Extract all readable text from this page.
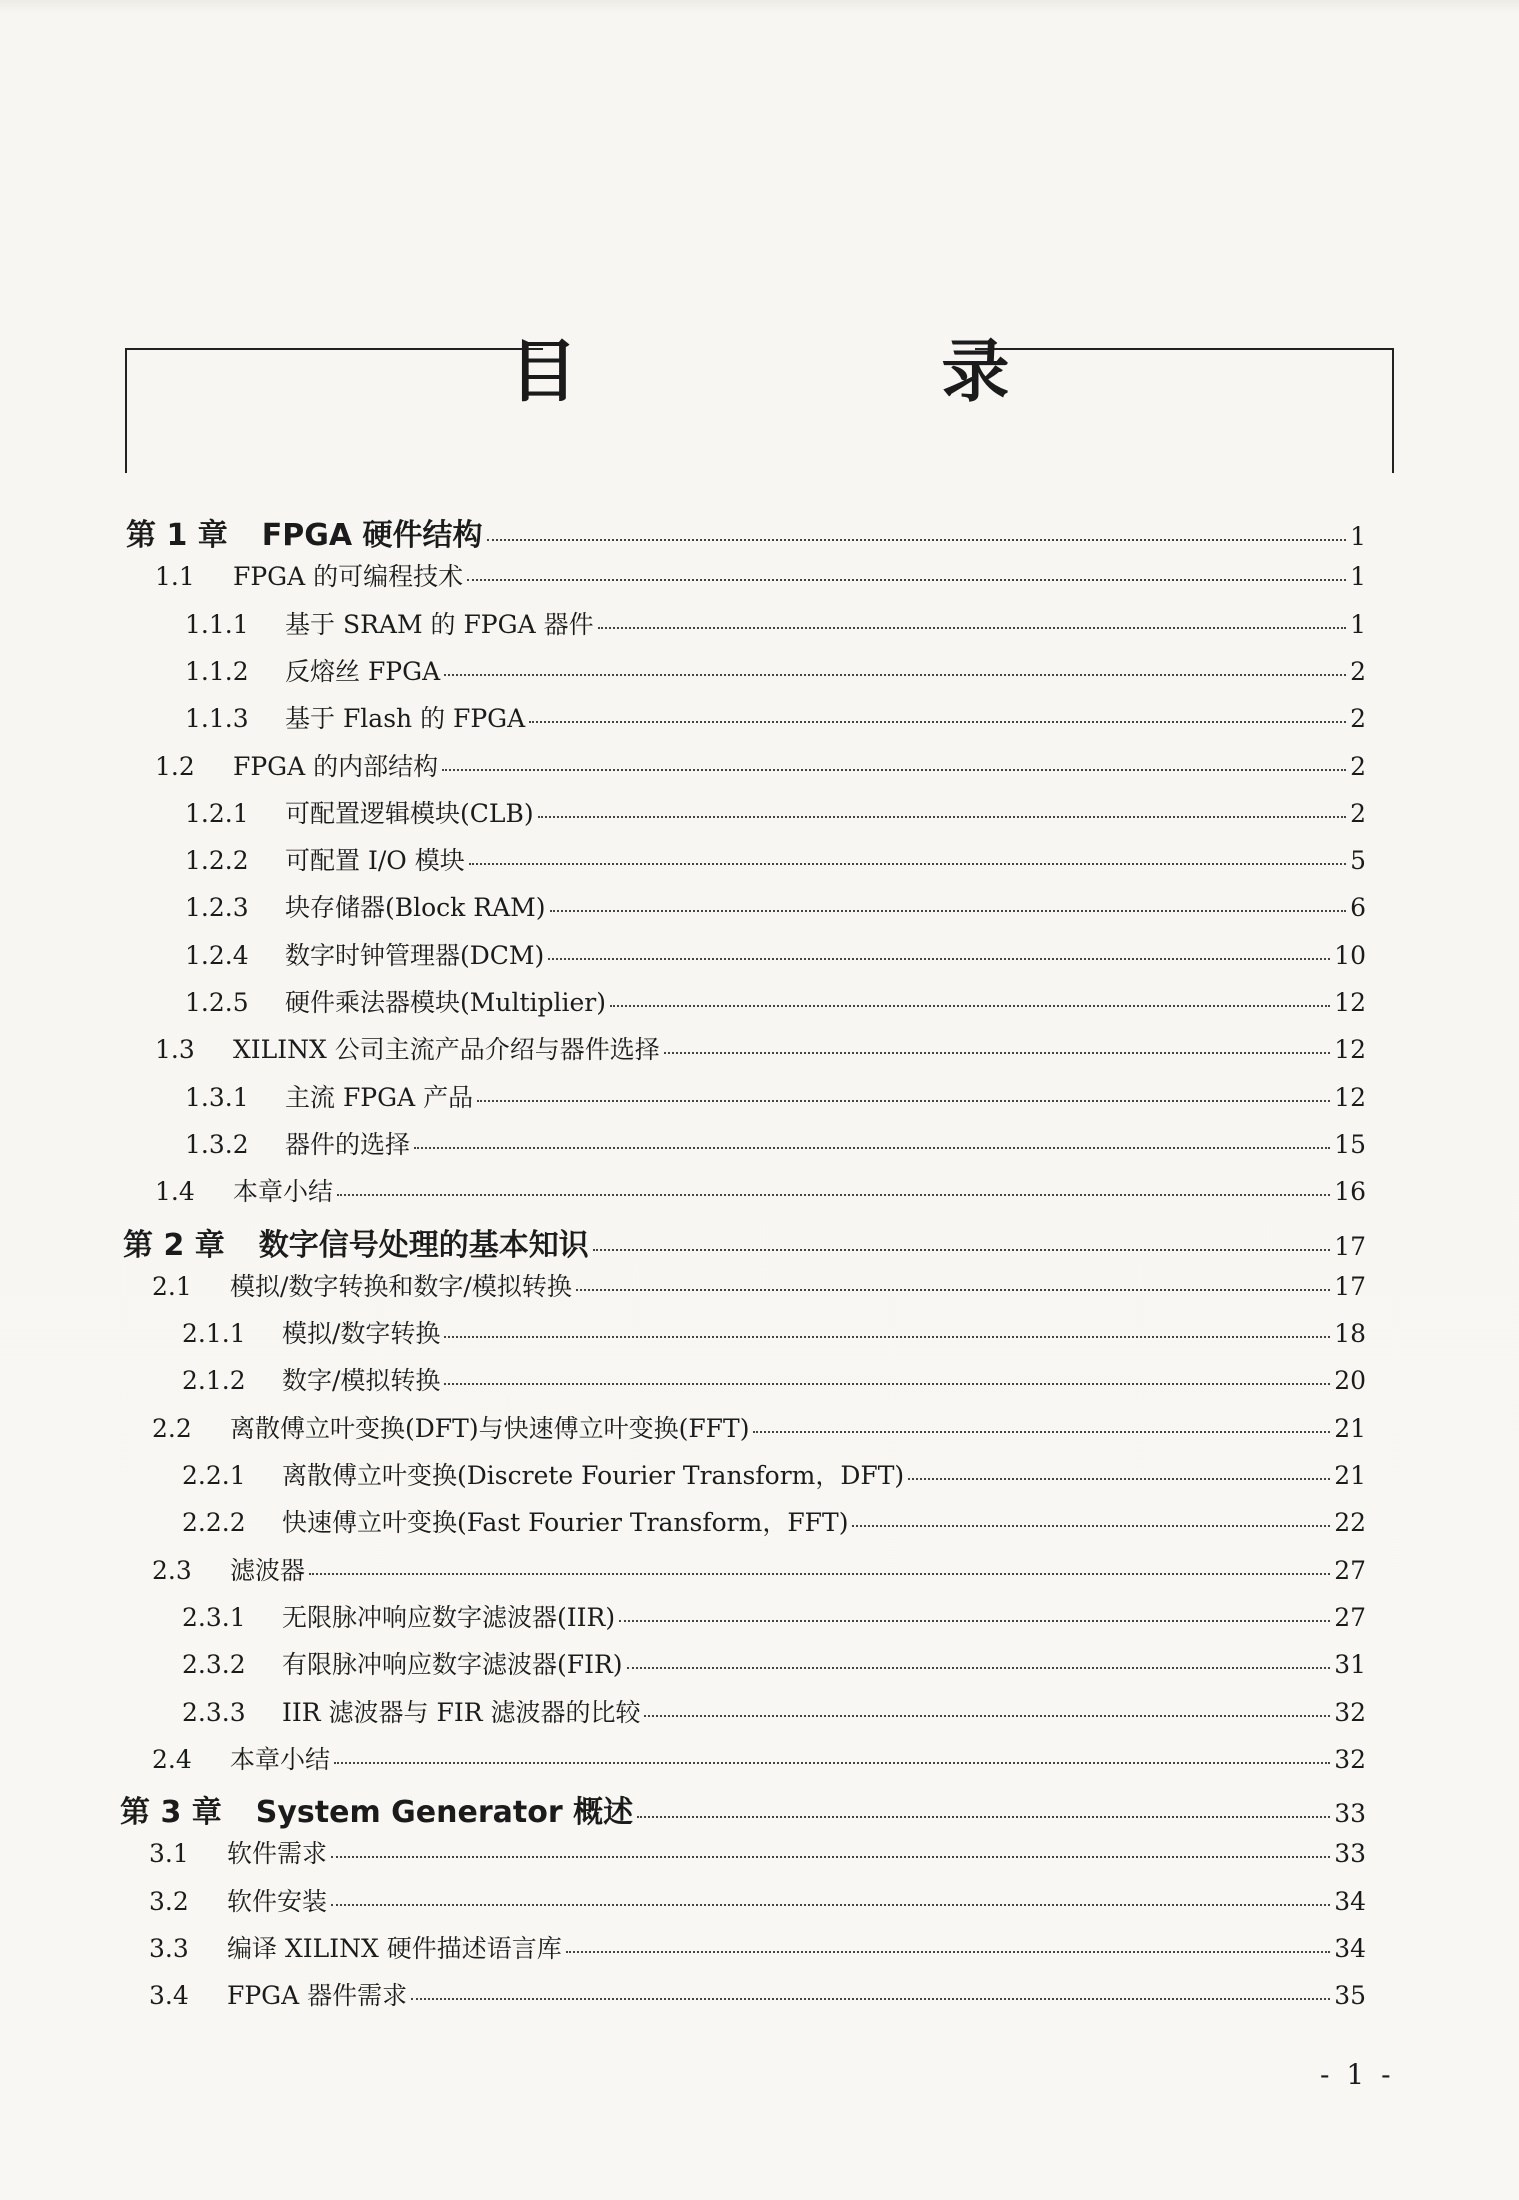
目 录
第 1 章 FPGA 硬件结构	1
1.1	FPGA 的可编程技术	1
1.1.1	基于 SRAM 的 FPGA 器件	1
1.1.2	反熔丝 FPGA	2
1.1.3	基于 Flash 的 FPGA	2
1.2	FPGA 的内部结构	2
1.2.1	可配置逻辑模块(CLB)	2
1.2.2	可配置 I/O 模块	5
1.2.3	块存储器(Block RAM)	6
1.2.4	数字时钟管理器(DCM)	10
1.2.5	硬件乘法器模块(Multiplier)	12
1.3	XILINX 公司主流产品介绍与器件选择	12
1.3.1	主流 FPGA 产品	12
1.3.2	器件的选择	15
1.4	本章小结	16
第 2 章 数字信号处理的基本知识	17
2.1	模拟/数字转换和数字/模拟转换	17
2.1.1	模拟/数字转换	18
2.1.2	数字/模拟转换	20
2.2	离散傅立叶变换(DFT)与快速傅立叶变换(FFT)	21
2.2.1	离散傅立叶变换(Discrete Fourier Transform，DFT)	21
2.2.2	快速傅立叶变换(Fast Fourier Transform，FFT)	22
2.3	滤波器	27
2.3.1	无限脉冲响应数字滤波器(IIR)	27
2.3.2	有限脉冲响应数字滤波器(FIR)	31
2.3.3	IIR 滤波器与 FIR 滤波器的比较	32
2.4	本章小结	32
第 3 章 System Generator 概述	33
3.1	软件需求	33
3.2	软件安装	34
3.3	编译 XILINX 硬件描述语言库	34
3.4	FPGA 器件需求	35
- 1 -
